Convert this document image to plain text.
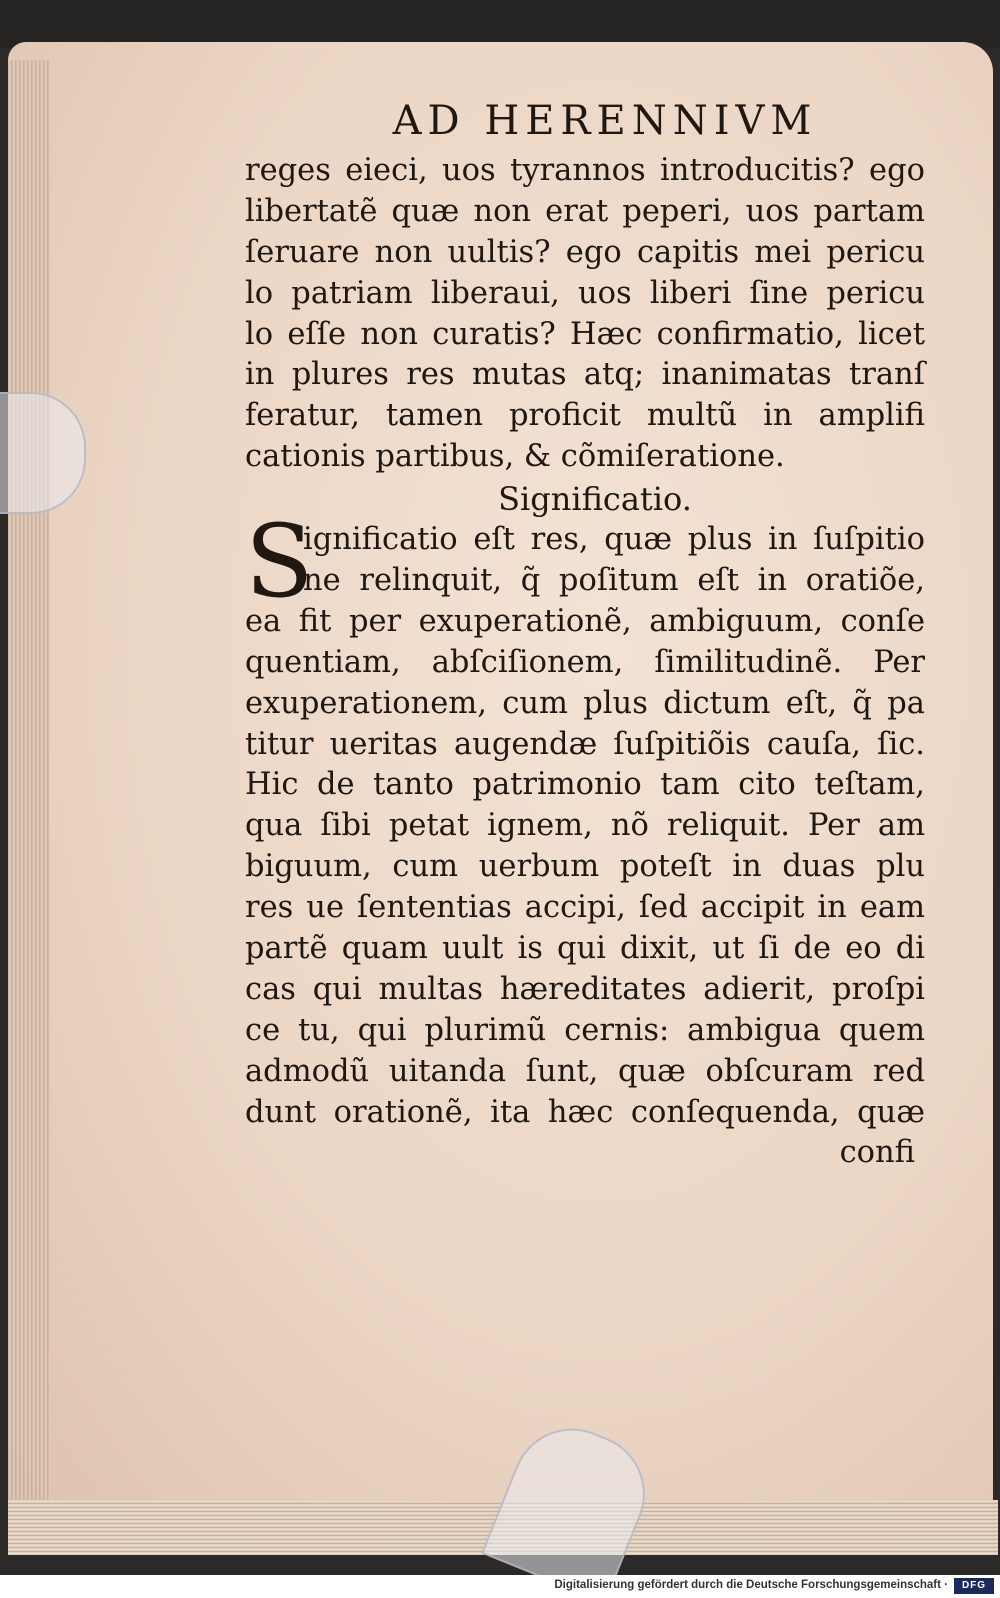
AD HERENNIVM
reges eieci, uos tyrannos introducitis? ego
libertatẽ quæ non erat peperi, uos partam
ſeruare non uultis? ego capitis mei pericu
lo patriam liberaui, uos liberi ſine pericu
lo eſſe non curatis? Hæc confirmatio, licet
in plures res mutas atq; inanimatas tranſ
feratur, tamen proficit multũ in amplifi
cationis partibus, & cõmiſeratione.
Significatio.
S
ignificatio eſt res, quæ plus in ſuſpitio
ne relinquit, q̃ poſitum eſt in oratiõe,
ea fit per exuperationẽ, ambiguum, conſe
quentiam, abſciſionem, ſimilitudinẽ. Per
exuperationem, cum plus dictum eſt, q̃ pa
titur ueritas augendæ ſuſpitiõis cauſa, ſic.
Hic de tanto patrimonio tam cito teſtam,
qua ſibi petat ignem, nõ reliquit. Per am
biguum, cum uerbum poteſt in duas plu
res ue ſententias accipi, ſed accipit in eam
partẽ quam uult is qui dixit, ut ſi de eo di
cas qui multas hæreditates adierit, proſpi
ce tu, qui plurimũ cernis: ambigua quem
admodũ uitanda ſunt, quæ obſcuram red
dunt orationẽ, ita hæc conſequenda, quæ
confi
Digitalisierung gefördert durch die Deutsche Forschungsgemeinschaft ·	DFG
